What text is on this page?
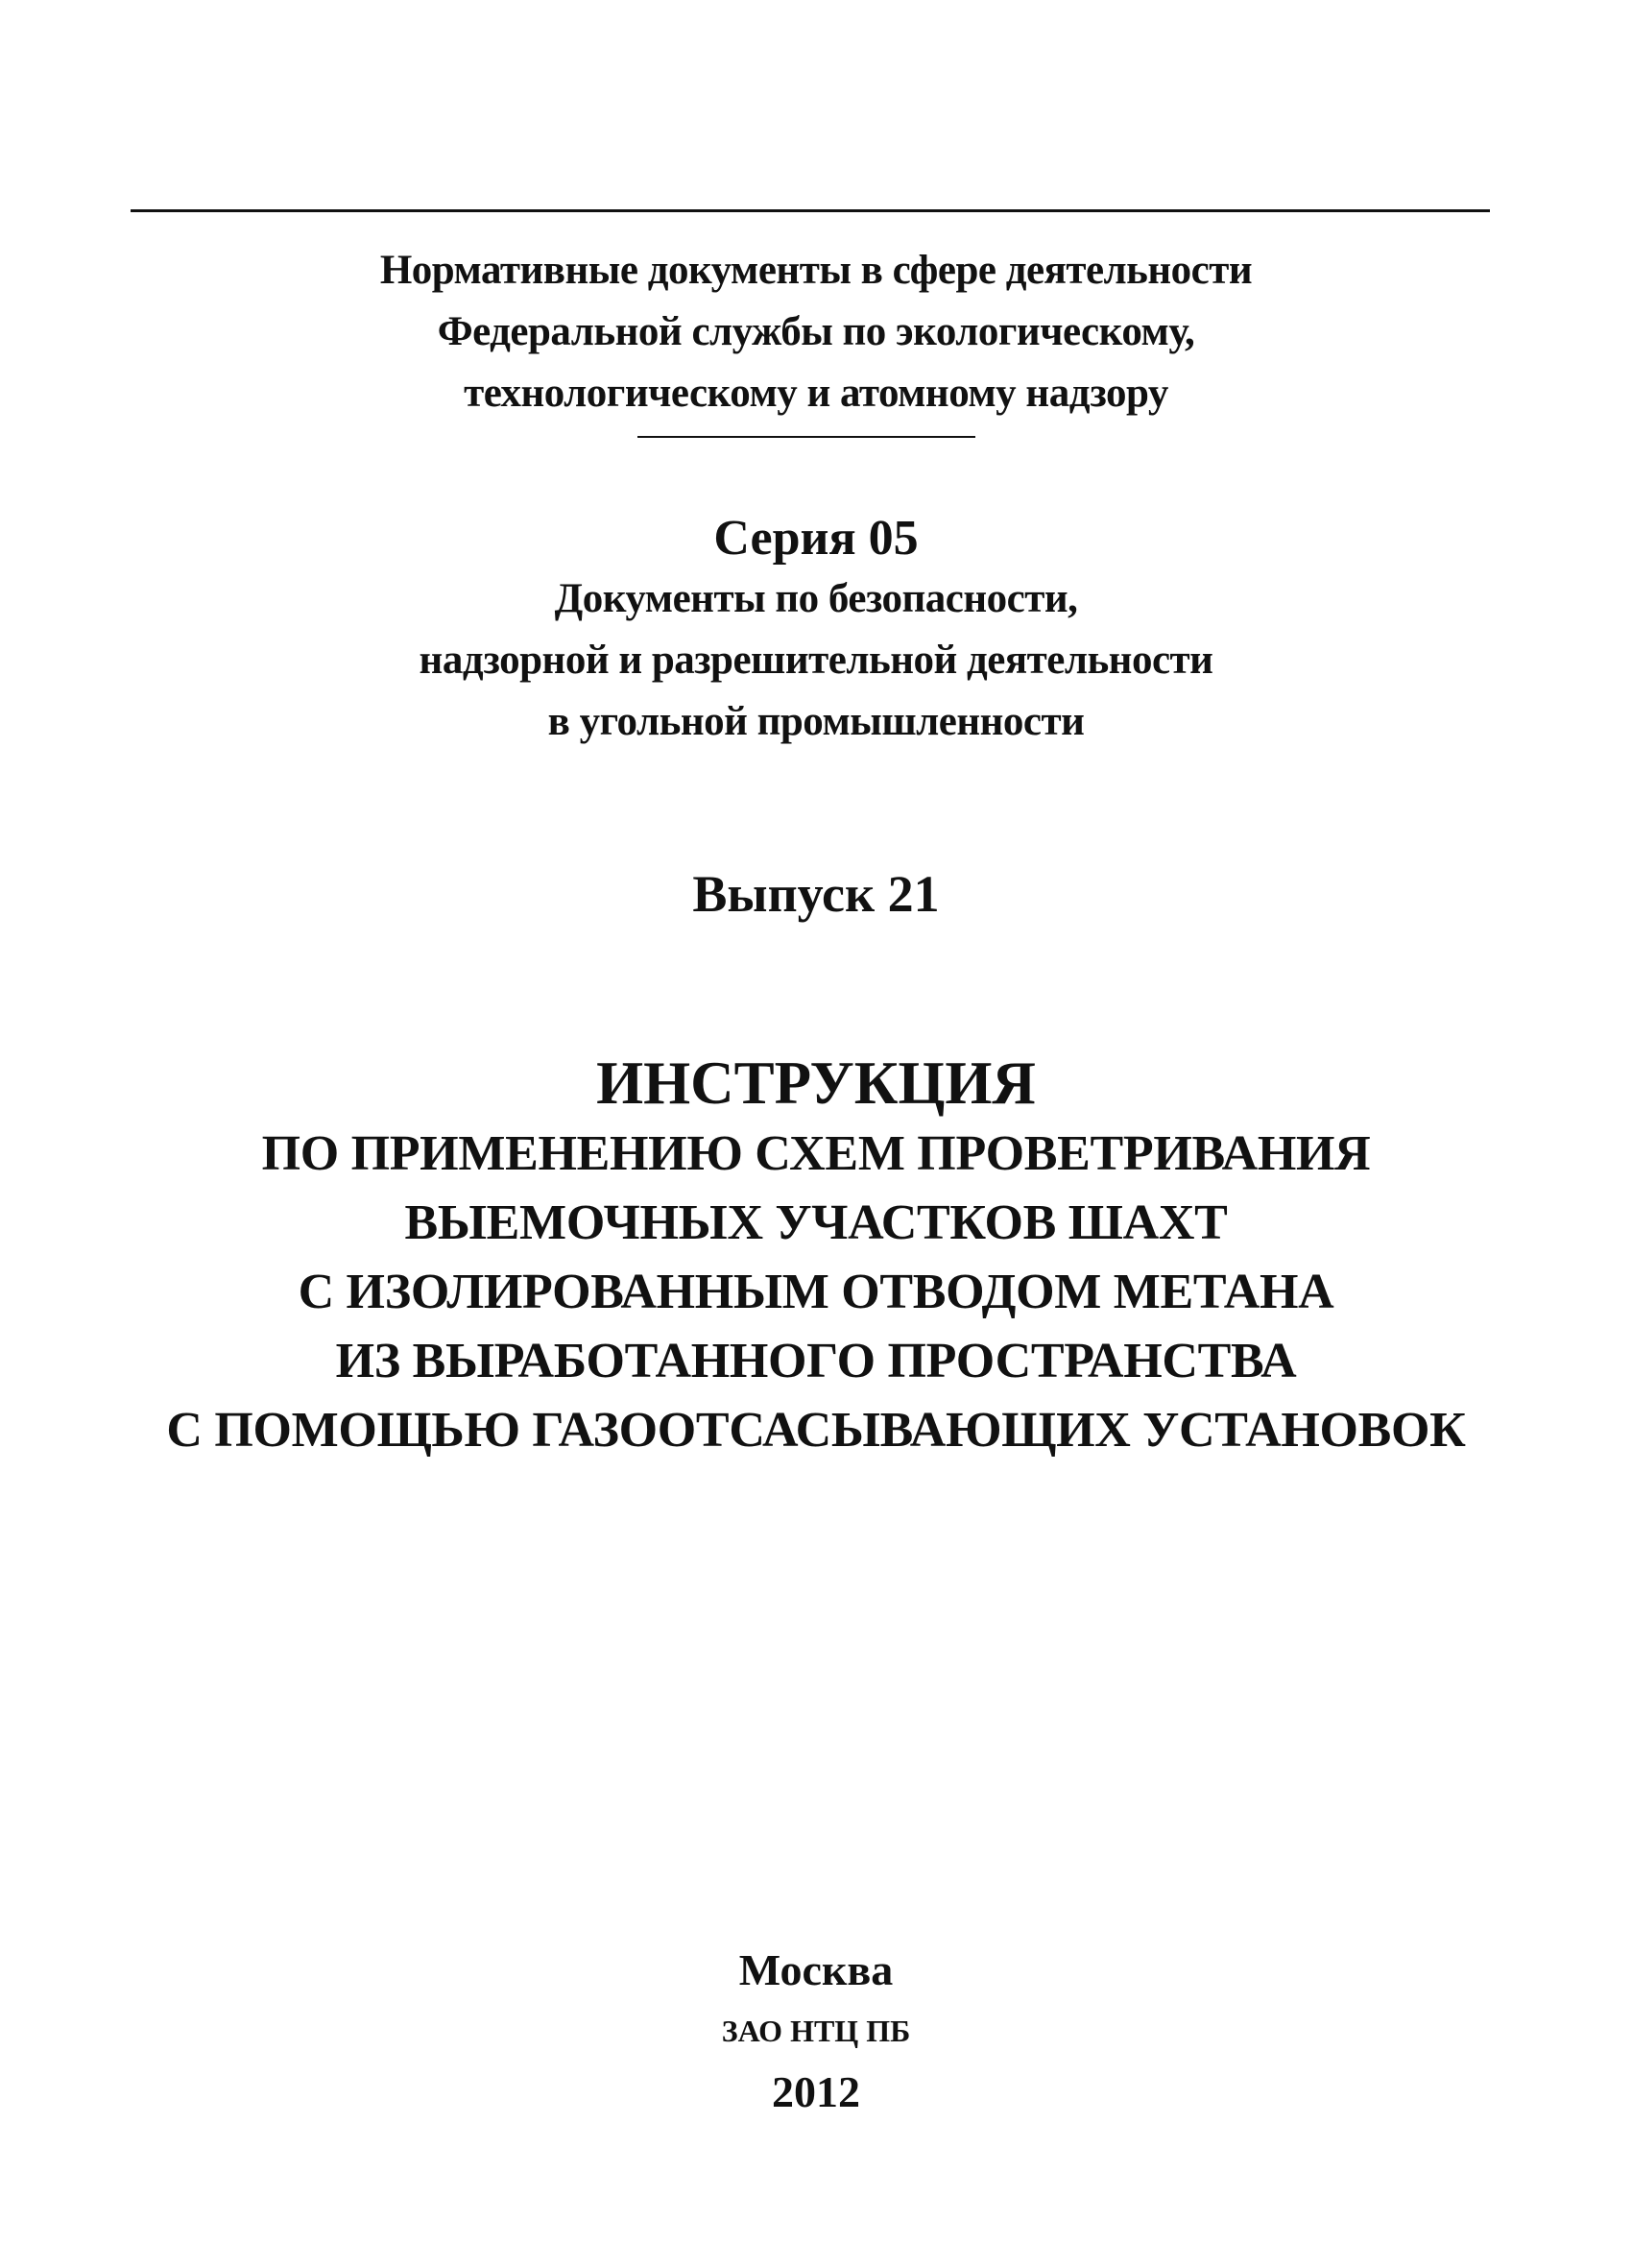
Нормативные документы в сфере деятельности
Федеральной службы по экологическому,
технологическому и атомному надзору
Серия 05
Документы по безопасности,
надзорной и разрешительной деятельности
в угольной промышленности
Выпуск 21
ИНСТРУКЦИЯ
ПО ПРИМЕНЕНИЮ СХЕМ ПРОВЕТРИВАНИЯ
ВЫЕМОЧНЫХ УЧАСТКОВ ШАХТ
С ИЗОЛИРОВАННЫМ ОТВОДОМ МЕТАНА
ИЗ ВЫРАБОТАННОГО ПРОСТРАНСТВА
С ПОМОЩЬЮ ГАЗООТСАСЫВАЮЩИХ УСТАНОВОК
Москва
ЗАО НТЦ ПБ
2012
